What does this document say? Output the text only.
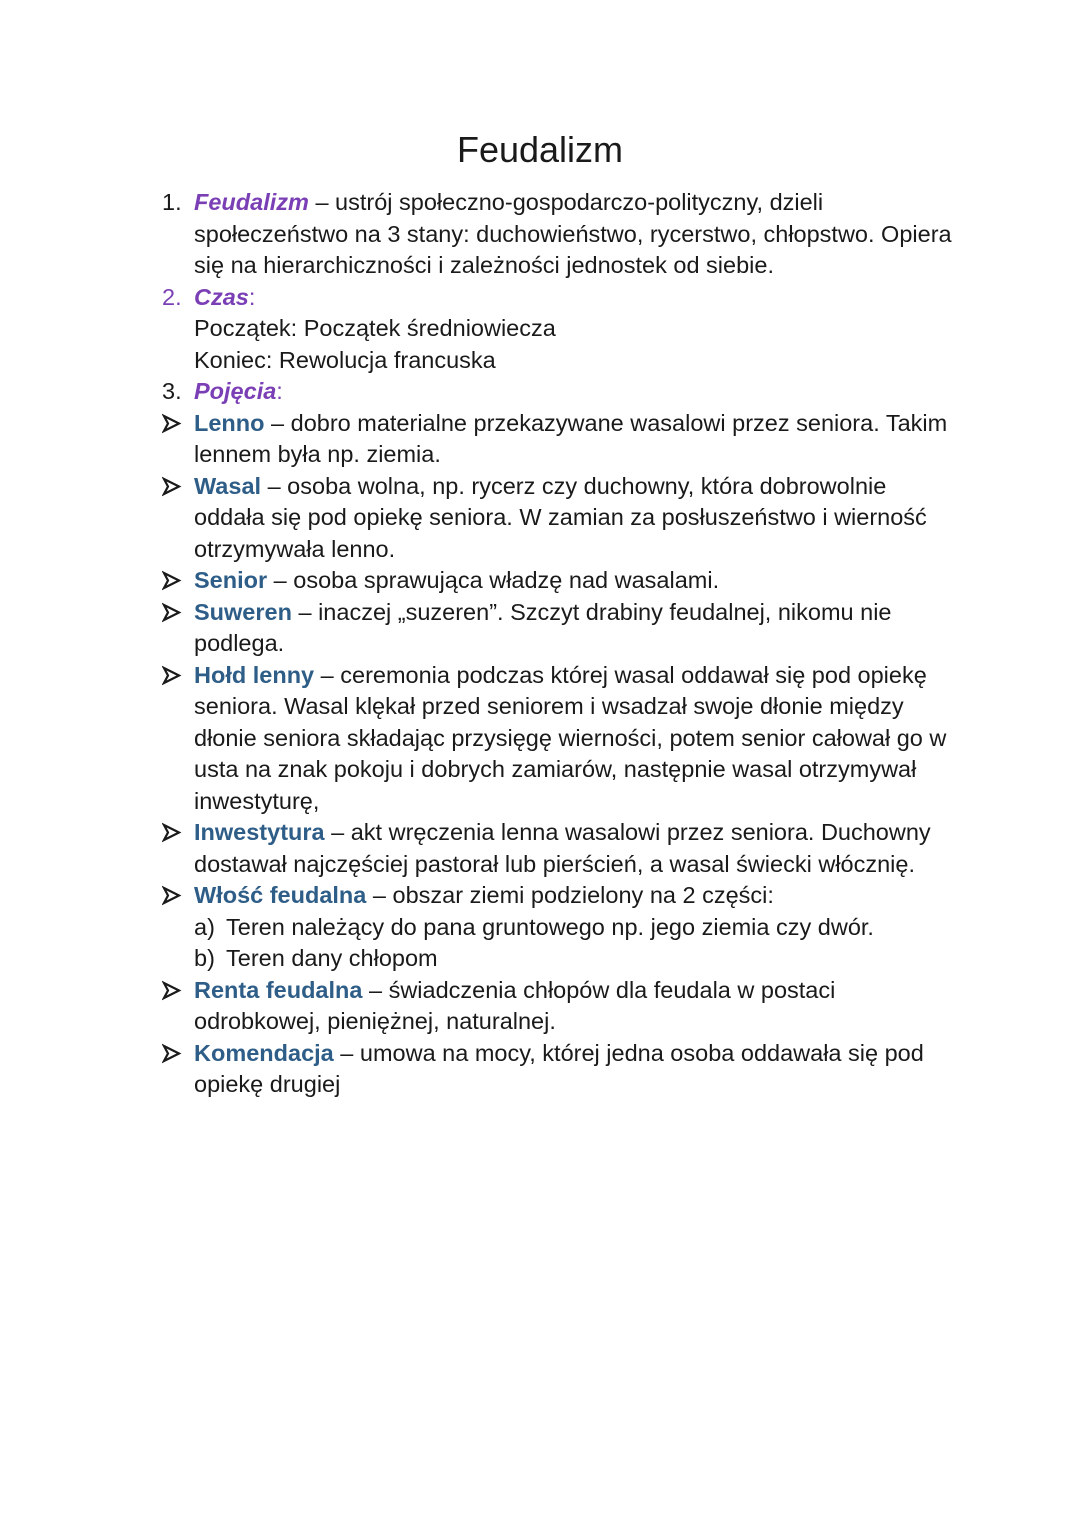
Feudalizm
1. Feudalizm – ustrój społeczno-gospodarczo-polityczny, dzieli społeczeństwo na 3 stany: duchowieństwo, rycerstwo, chłopstwo. Opiera się na hierarchiczności i zależności jednostek od siebie.
2. Czas:
Początek: Początek średniowiecza
Koniec: Rewolucja francuska
3. Pojęcia:
Lenno – dobro materialne przekazywane wasalowi przez seniora. Takim lennem była np. ziemia.
Wasal – osoba wolna, np. rycerz czy duchowny, która dobrowolnie oddała się pod opiekę seniora. W zamian za posłuszeństwo i wierność otrzymywała lenno.
Senior – osoba sprawująca władzę nad wasalami.
Suweren – inaczej „suzeren”. Szczyt drabiny feudalnej, nikomu nie podlega.
Hołd lenny – ceremonia podczas której wasal oddawał się pod opiekę seniora. Wasal klękał przed seniorem i wsadzał swoje dłonie między dłonie seniora składając przysięgę wierności, potem senior całował go w usta na znak pokoju i dobrych zamiarów, następnie wasal otrzymywał inwestyturę,
Inwestytura – akt wręczenia lenna wasalowi przez seniora. Duchowny dostawał najczęściej pastorał lub pierścień, a wasal świecki włócznię.
Włość feudalna – obszar ziemi podzielony na 2 części:
a) Teren należący do pana gruntowego np. jego ziemia czy dwór.
b) Teren dany chłopom
Renta feudalna – świadczenia chłopów dla feudala w postaci odrobkowej, pieniężnej, naturalnej.
Komendacja – umowa na mocy, której jedna osoba oddawała się pod opiekę drugiej
